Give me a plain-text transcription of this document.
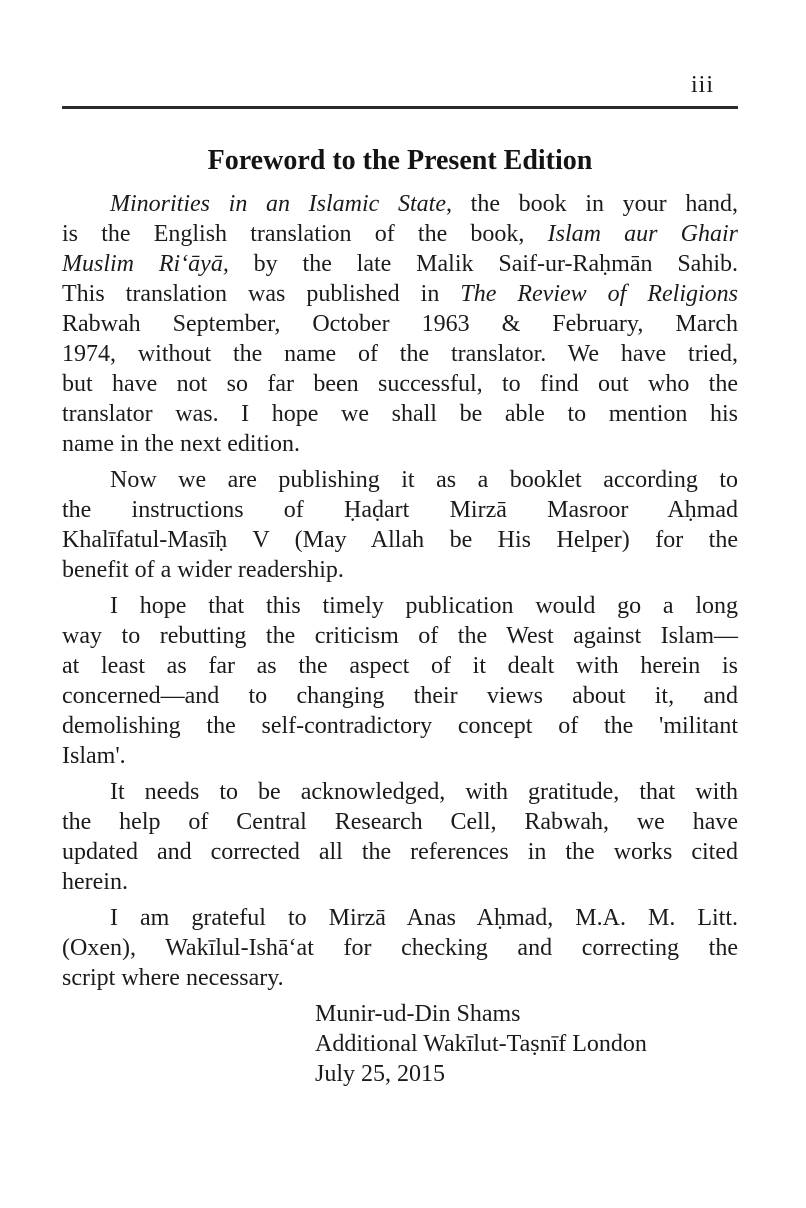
iii
Foreword to the Present Edition
Minorities in an Islamic State, the book in your hand,
is the English translation of the book, Islam aur Ghair
Muslim Ri‘āyā, by the late Malik Saif-ur-Raḥmān Sahib.
This translation was published in The Review of Religions
Rabwah September, October 1963 & February, March
1974, without the name of the translator. We have tried,
but have not so far been successful, to find out who the
translator was. I hope we shall be able to mention his
name in the next edition.
Now we are publishing it as a booklet according to
the instructions of Ḥaḍart Mirzā Masroor Aḥmad
Khalīfatul-Masīḥ V (May Allah be His Helper) for the
benefit of a wider readership.
I hope that this timely publication would go a long
way to rebutting the criticism of the West against Islam—
at least as far as the aspect of it dealt with herein is
concerned—and to changing their views about it, and
demolishing the self-contradictory concept of the 'militant
Islam'.
It needs to be acknowledged, with gratitude, that with
the help of Central Research Cell, Rabwah, we have
updated and corrected all the references in the works cited
herein.
I am grateful to Mirzā Anas Aḥmad, M.A. M. Litt.
(Oxen), Wakīlul-Ishā‘at for checking and correcting the
script where necessary.
Munir-ud-Din Shams
Additional Wakīlut-Taṣnīf London
July 25, 2015
